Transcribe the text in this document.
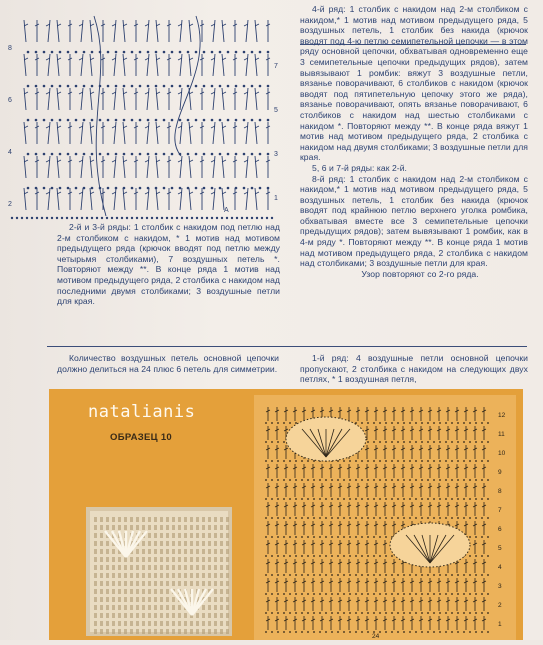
8
6
4
2
7
5
3
1
A

4-й ряд: 1 столбик с накидом над 2-м столбиком с накидом,* 1 мотив над мотивом предыдущего ряда, 5 воздушных петель, 1 столбик без накида (крючок вводят под 4-ю петлю семипетельной цепочки — в этом ряду основной цепочки, обхватывая одновременно еще 3 семипетельные цепочки предыдущих рядов), затем вывязывают 1 ромбик: вяжут 3 воздушные петли, вязанье поворачивают, 6 столбиков с накидом (крючок вводят под пятипетельную цепочку этого же ряда), вязанье поворачивают, опять вязанье поворачивают, 6 столбиков с накидом над шестью столбиками с накидом *. Повторяют между **. В конце ряда вяжут 1 мотив над мотивом предыдущего ряда, 2 столбика с накидом над двумя столбиками; 3 воздушные петли для края.

5, 6 и 7-й ряды: как 2-й.

8-й ряд: 1 столбик с накидом над 2-м столбиком с накидом,* 1 мотив над мотивом предыдущего ряда, 5 воздушных петель, 1 столбик без накида (крючок вводят под крайнюю петлю верхнего уголка ромбика, обхватывая вместе все 3 семипетельные цепочки предыдущих рядов); затем вывязывают 1 ромбик, как в 4-м ряду *. Повторяют между **. В конце ряда 1 мотив над мотивом предыдущего ряда, 2 столбика с накидом над столбиками; 3 воздушные петли для края.

Узор повторяют со 2-го ряда.

2-й и 3-й ряды: 1 столбик с накидом под петлю над 2-м столбиком с накидом, * 1 мотив над мотивом предыдущего ряда (крючок вводят под петлю между четырьмя столбиками), 7 воздушных петель *. Повторяют между **. В конце ряда 1 мотив над мотивом предыдущего ряда, 2 столбика с накидом над последними двумя столбиками; 3 воздушные петли для края.

Количество воздушных петель основной цепочки должно делиться на 24 плюс 6 петель для симметрии.

1-й ряд: 4 воздушные петли основной цепочки пропускают, 2 столбика с накидом на следующих двух петлях, * 1 воздушная петля,

12
11
10
9
8
7
6
5
4
3
2
1
24
natalianis
ОБРАЗЕЦ 10
